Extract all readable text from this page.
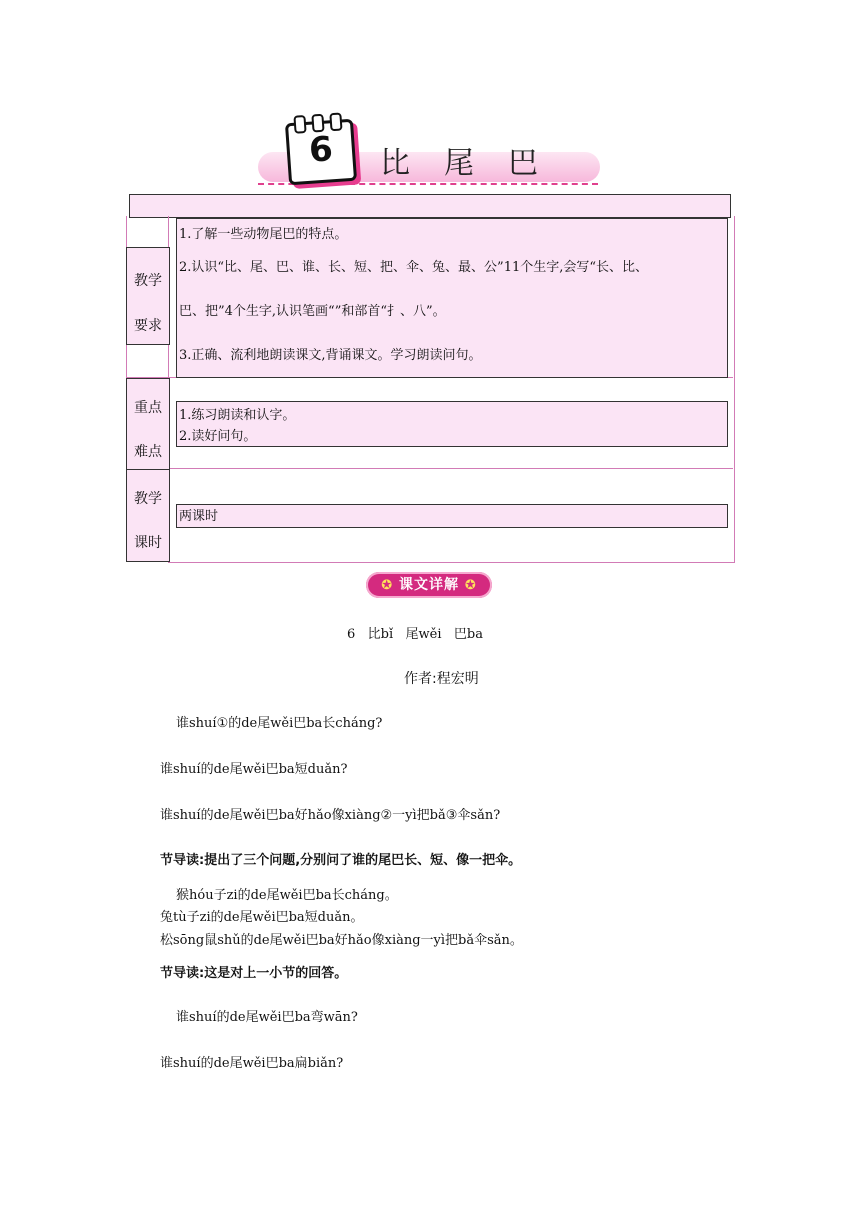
6	比尾巴
教学
要求
1.了解一些动物尾巴的特点。
2.认识“比、尾、巴、谁、长、短、把、伞、兔、最、公”11个生字,会写“长、比、
巴、把”4个生字,认识笔画“”和部首“扌、八”。
3.正确、流利地朗读课文,背诵课文。学习朗读问句。
重点
难点
1.练习朗读和认字。
2.读好问句。
教学
课时
两课时
✪ 课文详解 ✪
6   比bǐ   尾wěi   巴ba
作者:程宏明
谁shuí①的de尾wěi巴ba长cháng?
谁shuí的de尾wěi巴ba短duǎn?
谁shuí的de尾wěi巴ba好hǎo像xiàng②一yì把bǎ③伞sǎn?
节导读:提出了三个问题,分别问了谁的尾巴长、短、像一把伞。
猴hóu子zi的de尾wěi巴ba长cháng。
兔tù子zi的de尾wěi巴ba短duǎn。
松sōng鼠shǔ的de尾wěi巴ba好hǎo像xiàng一yì把bǎ伞sǎn。
节导读:这是对上一小节的回答。
谁shuí的de尾wěi巴ba弯wān?
谁shuí的de尾wěi巴ba扁biǎn?
